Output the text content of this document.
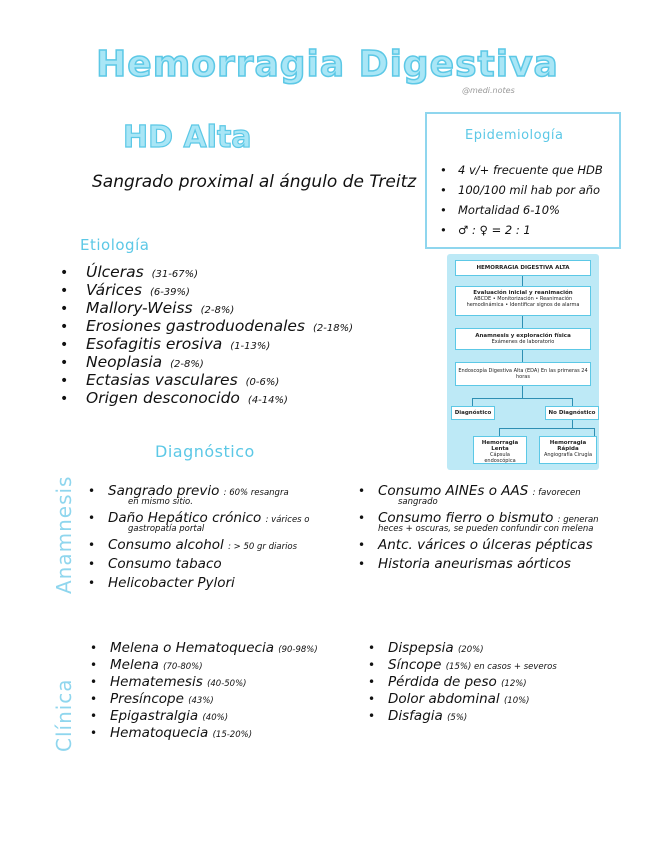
Hemorragia Digestiva
@medi.notes
HD Alta
Sangrado proximal al ángulo de Treitz
Etiología
• Úlceras (31-67%)
• Várices (6-39%)
• Mallory-Weiss (2-8%)
• Erosiones gastroduodenales (2-18%)
• Esofagitis erosiva (1-13%)
• Neoplasia (2-8%)
• Ectasias vasculares (0-6%)
• Origen desconocido (4-14%)
Epidemiología
• 4 v/+ frecuente que HDB
• 100/100 mil hab por año
• Mortalidad 6-10%
• ♂ : ♀ = 2 : 1
HEMORRAGIA DIGESTIVA ALTA
Evaluación inicial y reanimación
ABCDE • Monitorización • Reanimación hemodinámica • Identificar signos de alarma
Anamnesis y exploración física
Exámenes de laboratorio
Endoscopía Digestiva Alta (EDA) En las primeras 24 horas
Diagnóstico	No Diagnóstico
Hemorragia Lenta
Cápsula endoscópica
Hemorragia Rápida
Angiografía Cirugía
Diagnóstico
Anamnesis • Sangrado previo : 60% resangra
en mismo sitio.
• Daño Hepático crónico : várices o
gastropatía portal
• Consumo alcohol : > 50 gr diarios
• Consumo tabaco
• Helicobacter Pylori
• Consumo AINEs o AAS : favorecen
sangrado
• Consumo fierro o bismuto : generan
heces + oscuras, se pueden confundir con melena
• Antc. várices o úlceras pépticas
• Historia aneurismas aórticos
Clínica
• Melena o Hematoquecia (90-98%)
• Melena (70-80%)
• Hematemesis (40-50%)
• Presíncope (43%)
• Epigastralgia (40%)
• Hematoquecia (15-20%)
• Dispepsia (20%)
• Síncope (15%) en casos + severos
• Pérdida de peso (12%)
• Dolor abdominal (10%)
• Disfagia (5%)
